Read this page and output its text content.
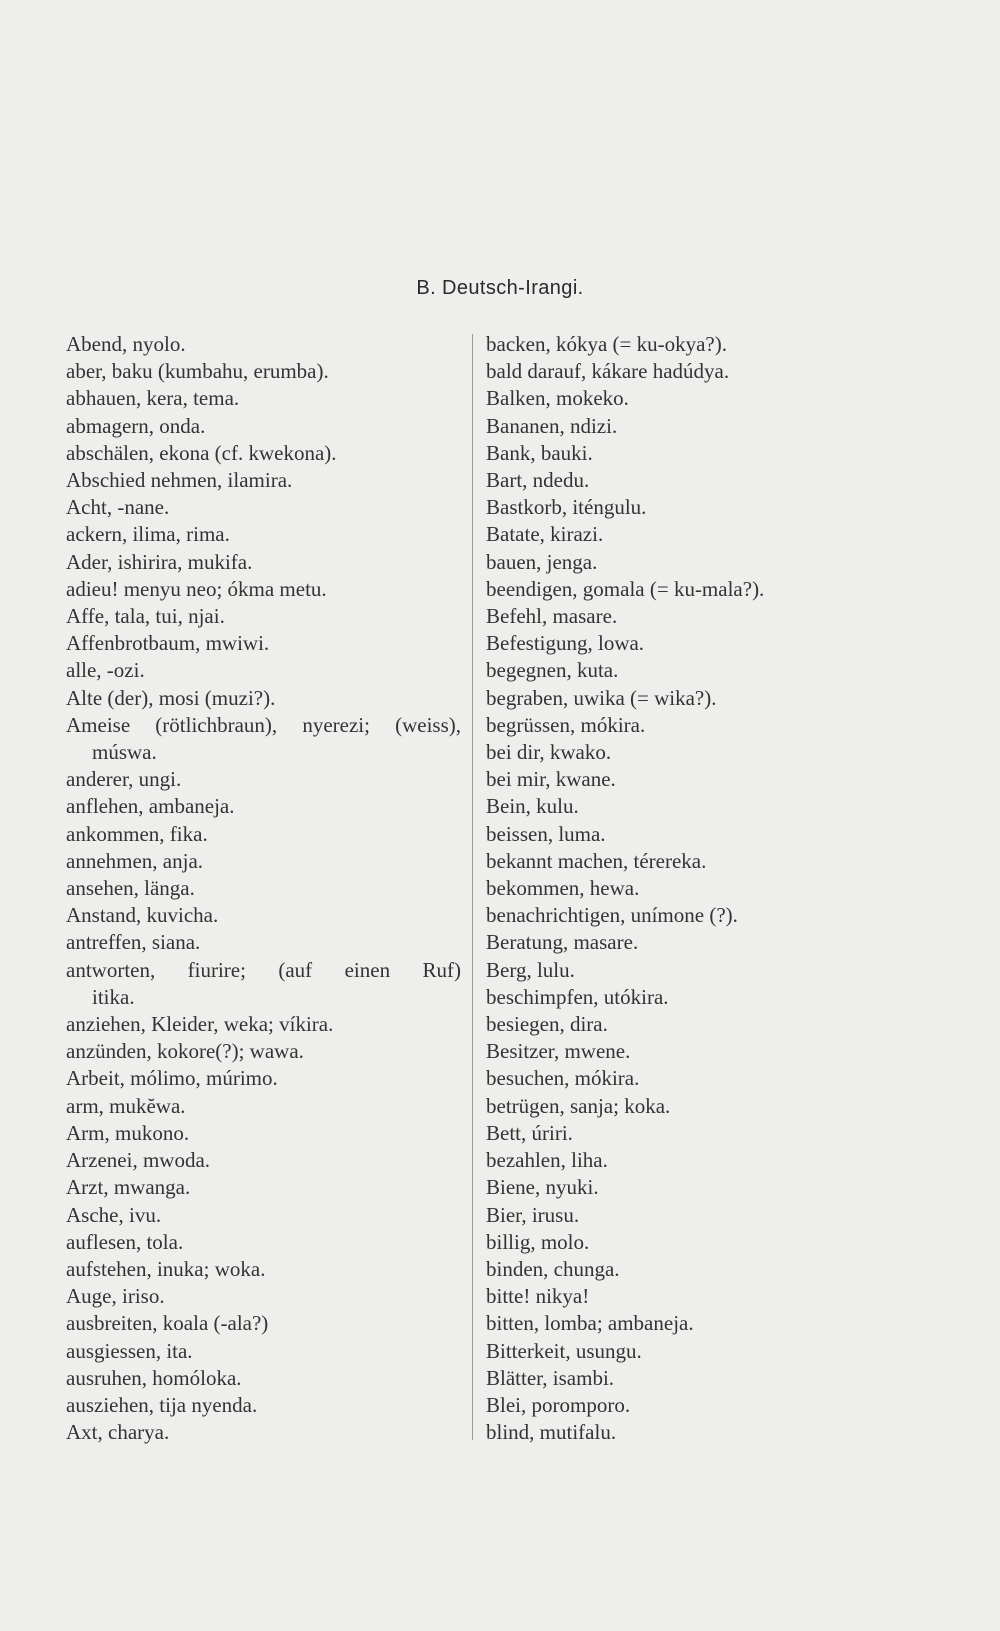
B. Deutsch-Irangi.
Abend, nyolo.
aber, baku (kumbahu, erumba).
abhauen, kera, tema.
abmagern, onda.
abschälen, ekona (cf. kwekona).
Abschied nehmen, ilamira.
Acht, -nane.
ackern, ilima, rima.
Ader, ishirira, mukifa.
adieu! menyu neo; ókma metu.
Affe, tala, tui, njai.
Affenbrotbaum, mwiwi.
alle, -ozi.
Alte (der), mosi (muzi?).
Ameise (rötlichbraun), nyerezi; (weiss),
múswa.
anderer, ungi.
anflehen, ambaneja.
ankommen, fika.
annehmen, anja.
ansehen, länga.
Anstand, kuvicha.
antreffen, siana.
antworten, fiurire; (auf einen Ruf)
itika.
anziehen, Kleider, weka; víkira.
anzünden, kokore(?); wawa.
Arbeit, mólimo, múrimo.
arm, mukĕwa.
Arm, mukono.
Arzenei, mwoda.
Arzt, mwanga.
Asche, ivu.
auflesen, tola.
aufstehen, inuka; woka.
Auge, iriso.
ausbreiten, koala (-ala?)
ausgiessen, ita.
ausruhen, homóloka.
ausziehen, tija nyenda.
Axt, charya.
backen, kókya (= ku-okya?).
bald darauf, kákare hadúdya.
Balken, mokeko.
Bananen, ndizi.
Bank, bauki.
Bart, ndedu.
Bastkorb, iténgulu.
Batate, kirazi.
bauen, jenga.
beendigen, gomala (= ku-mala?).
Befehl, masare.
Befestigung, lowa.
begegnen, kuta.
begraben, uwika (= wika?).
begrüssen, mókira.
bei dir, kwako.
bei mir, kwane.
Bein, kulu.
beissen, luma.
bekannt machen, térereka.
bekommen, hewa.
benachrichtigen, unímone (?).
Beratung, masare.
Berg, lulu.
beschimpfen, utókira.
besiegen, dira.
Besitzer, mwene.
besuchen, mókira.
betrügen, sanja; koka.
Bett, úriri.
bezahlen, liha.
Biene, nyuki.
Bier, irusu.
billig, molo.
binden, chunga.
bitte! nikya!
bitten, lomba; ambaneja.
Bitterkeit, usungu.
Blätter, isambi.
Blei, poromporo.
blind, mutifalu.
